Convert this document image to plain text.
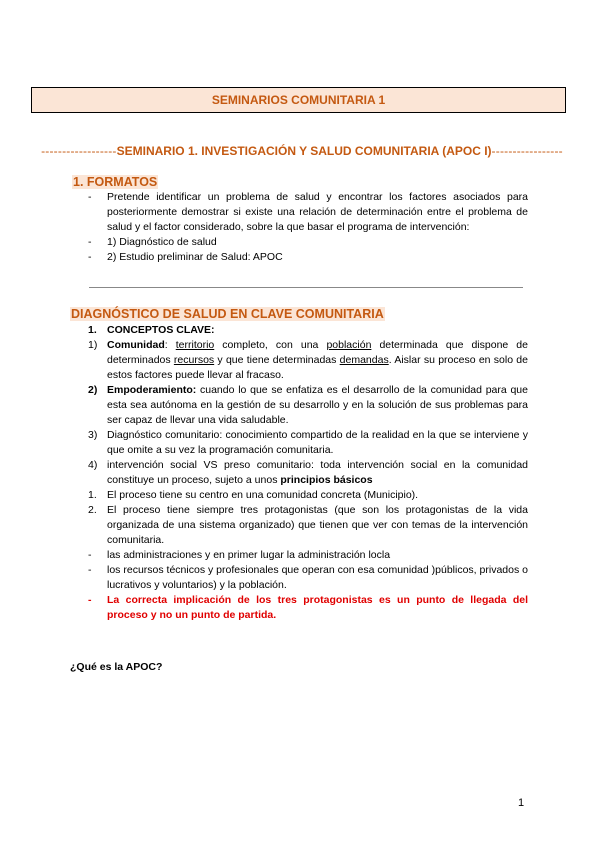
SEMINARIOS COMUNITARIA 1
------------------SEMINARIO 1. INVESTIGACIÓN Y SALUD COMUNITARIA (APOC I)-----------------
1. FORMATOS
-	Pretende identificar un problema de salud y encontrar los factores asociados para posteriormente demostrar si existe una relación de determinación entre el problema de salud y el factor considerado, sobre la que basar el programa de intervención:
-	1) Diagnóstico de salud
-	2) Estudio preliminar de Salud: APOC
DIAGNÓSTICO DE SALUD EN CLAVE COMUNITARIA
1. CONCEPTOS CLAVE:
1) Comunidad: territorio completo, con una población determinada que dispone de determinados recursos y que tiene determinadas demandas. Aislar su proceso en solo de estos factores puede llevar al fracaso.
2) Empoderamiento: cuando lo que se enfatiza es el desarrollo de la comunidad para que esta sea autónoma en la gestión de su desarrollo y en la solución de sus problemas para ser capaz de llevar una vida saludable.
3) Diagnóstico comunitario: conocimiento compartido de la realidad en la que se interviene y que omite a su vez la programación comunitaria.
4) intervención social VS preso comunitario: toda intervención social en la comunidad constituye un proceso, sujeto a unos principios básicos
1. El proceso tiene su centro en una comunidad concreta (Municipio).
2. El proceso tiene siempre tres protagonistas (que son los protagonistas de la vida organizada de una sistema organizado) que tienen que ver con temas de la intervención comunitaria.
-	las administraciones y en primer lugar la administración locla
-	los recursos técnicos y profesionales que operan con esa comunidad )públicos, privados o lucrativos y voluntarios) y la población.
-	La correcta implicación de los tres protagonistas es un punto de llegada del proceso y no un punto de partida.
¿Qué es la APOC?
1
